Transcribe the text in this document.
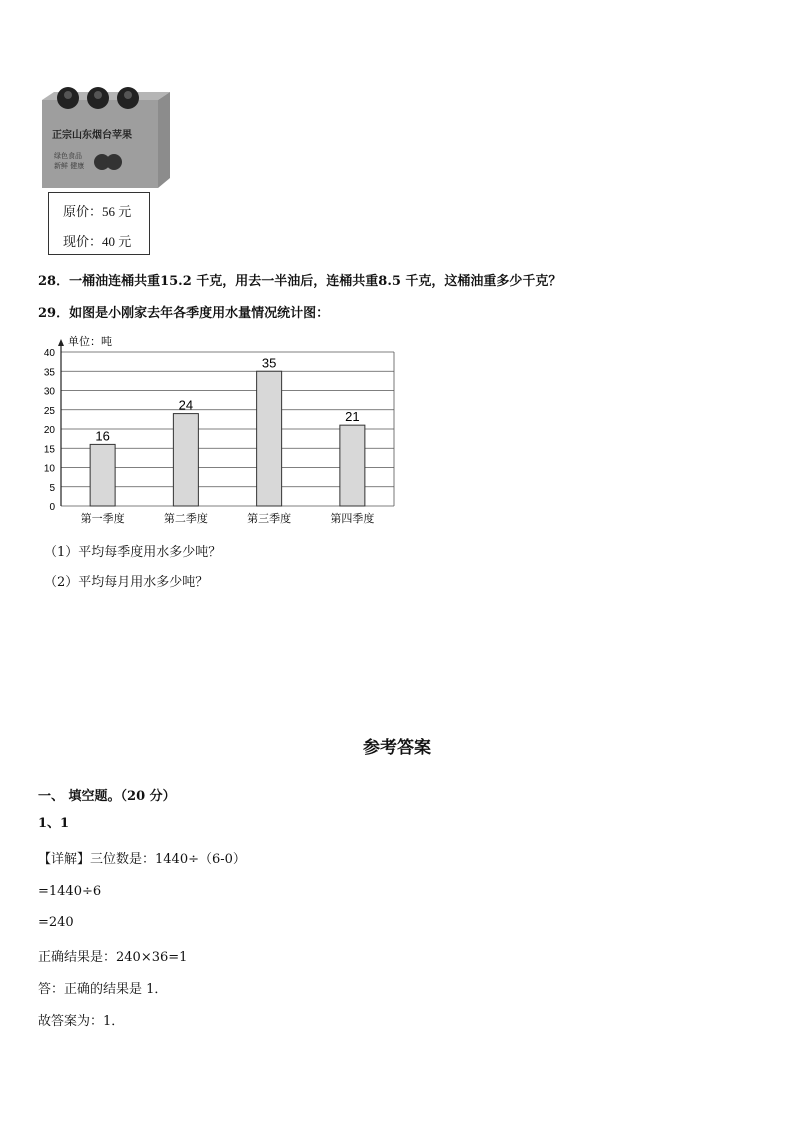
正宗山东烟台苹果
绿色食品
新鲜 健康
原价：56 元
现价：40 元
28．一桶油连桶共重15.2 千克，用去一半油后，连桶共重8.5 千克，这桶油重多少千克？
29．如图是小刚家去年各季度用水量情况统计图：
单位：吨
0
5
10
15
20
25
30
35
40
16
24
35
21
第一季度	第二季度	第三季度	第四季度
（1）平均每季度用水多少吨？
（2）平均每月用水多少吨？
参考答案
一、 填空题。（20 分）
1、1
【详解】三位数是：1440÷（6-0）
=1440÷6
=240
正确结果是：240×36=1
答：正确的结果是 1．
故答案为：1．
